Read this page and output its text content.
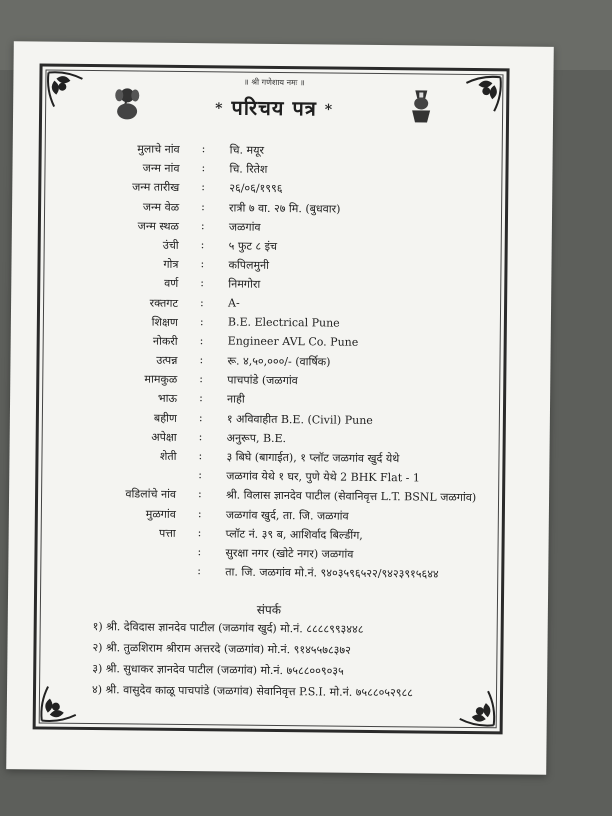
॥ श्री गणेशाय नमः ॥
* परिचय पत्र *
मुलाचे नांव : चि. मयूर
जन्म नांव : चि. रितेश
जन्म तारीख : २६/०६/१९९६
जन्म वेळ : रात्री ७ वा. २७ मि. (बुधवार)
जन्म स्थळ : जळगांव
उंची : ५ फुट ८ इंच
गोत्र : कपिलमुनी
वर्ण : निमगोरा
रक्तगट : A-
शिक्षण : B.E. Electrical Pune
नोकरी : Engineer AVL Co. Pune
उत्पन्न : रू. ४,५०,०००/- (वार्षिक)
मामकुळ : पाचपांडे (जळगांव
भाऊ : नाही
बहीण : १ अविवाहीत B.E. (Civil) Pune
अपेक्षा : अनुरूप, B.E.
शेती : ३ बिघे (बागाईत), १ प्लॉट जळगांव खुर्द येथे
: जळगांव येथे १ घर, पुणे येथे 2 BHK Flat - 1
वडिलांचे नांव : श्री. विलास ज्ञानदेव पाटील (सेवानिवृत्त L.T. BSNL जळगांव)
मुळगांव : जळगांव खुर्द, ता. जि. जळगांव
पत्ता : प्लॉट नं. ३९ ब, आशिर्वाद बिल्डींग,
: सुरक्षा नगर (खोटे नगर) जळगांव
: ता. जि. जळगांव मो.नं. ९४०३५९६५२२/९४२३९१५६४४
संपर्क
१) श्री. देविदास ज्ञानदेव पाटील (जळगांव खुर्द) मो.नं. ८८८८९९३४४८
२) श्री. तुळशिराम श्रीराम अत्तरदे (जळगांव) मो.नं. ९१४५५७८३७२
३) श्री. सुधाकर ज्ञानदेव पाटील (जळगांव) मो.नं. ७५८८००९०३५
४) श्री. वासुदेव काळू पाचपांडे (जळगांव) सेवानिवृत्त P.S.I. मो.नं. ७५८८०५२९८८
